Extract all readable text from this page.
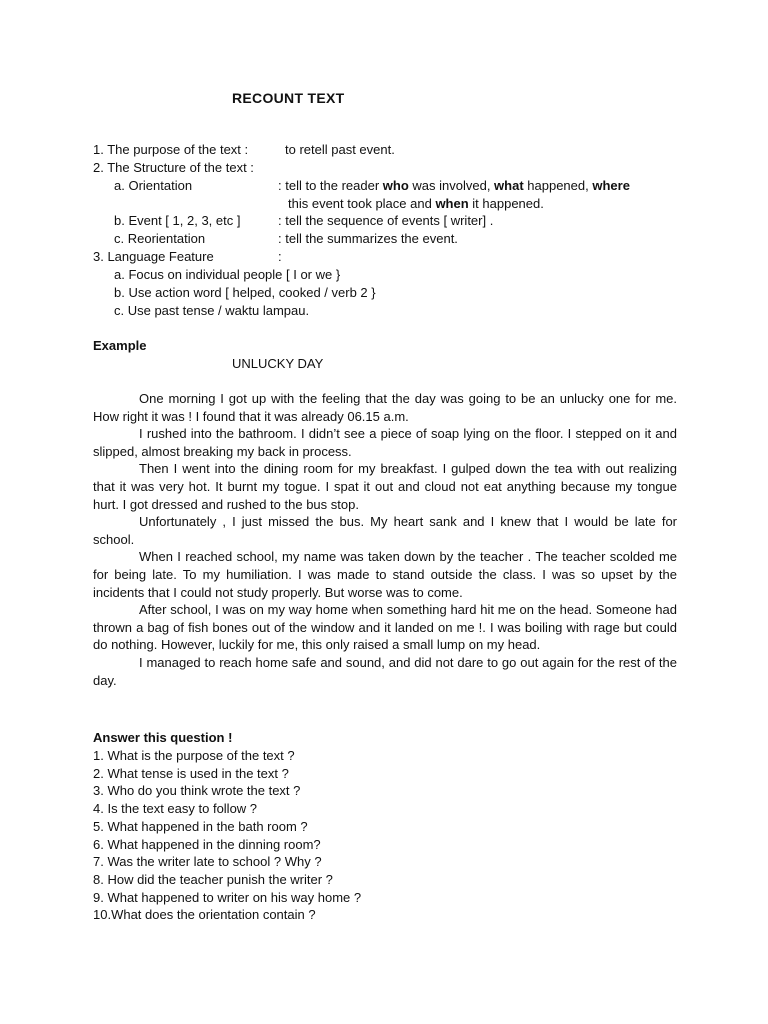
RECOUNT TEXT
1. The purpose of the text :	to retell past event.
2. The Structure of the text :
a. Orientation	: tell to the reader who was involved, what happened, where
this event took place and when it happened.
b. Event [ 1, 2, 3, etc ]	: tell the sequence of events [ writer] .
c. Reorientation	: tell the summarizes the event.
3. Language Feature	:
a. Focus on individual people [ I or we }
b. Use action word [ helped, cooked / verb 2 }
c. Use past tense / waktu lampau.
Example
UNLUCKY DAY

One morning I got up with the feeling that the day was going to be an unlucky one for me. How right it was ! I found that it was already 06.15 a.m.

I rushed into the bathroom. I didn’t see a piece of soap lying on the floor. I stepped on it and slipped, almost breaking my back in process.

Then I went into the dining room for my breakfast. I gulped down the tea with out realizing that it was very hot. It burnt my togue. I spat it out and cloud not eat anything because my tongue hurt. I got dressed and rushed to the bus stop.

Unfortunately , I just missed the bus. My heart sank and I knew that I would be late for school.

When I reached school, my name was taken down by the teacher . The teacher scolded me for being late. To my humiliation. I was made to stand outside the class. I was so upset by the incidents that I could not study properly. But worse was to come.

After school, I was on my way home when something hard hit me on the head. Someone had thrown a bag of fish bones out of the window and it landed on me !. I was boiling with rage but could do nothing. However, luckily for me, this only raised a small lump on my head.

I managed to reach home safe and sound, and did not dare to go out again for the rest of the day.

Answer this question !
1. What is the purpose of the text ?
2. What tense is used in the text ?
3. Who do you think wrote the text ?
4. Is the text easy to follow ?
5. What happened in the bath room ?
6. What happened in the dinning room?
7. Was the writer late to school ? Why ?
8. How did the teacher punish the writer ?
9. What happened to writer on his way home ?
10.What does the orientation contain ?
